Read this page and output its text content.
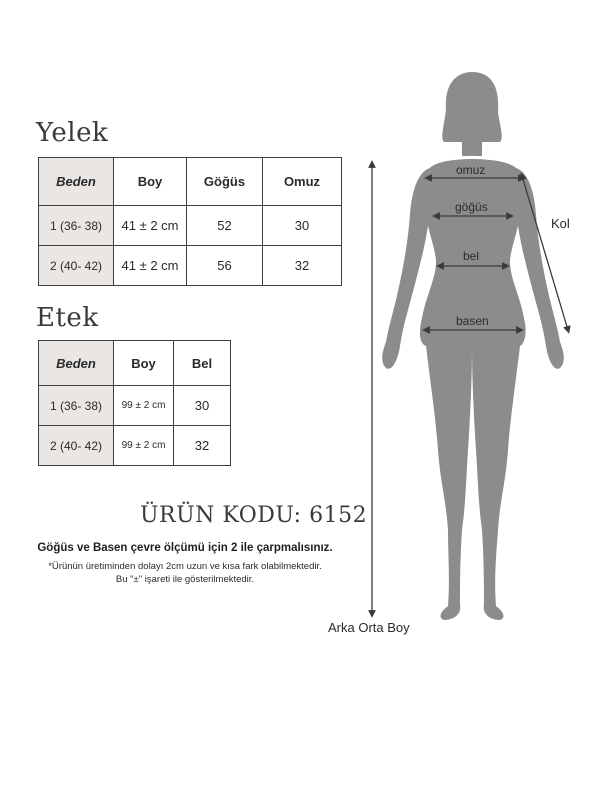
Yelek
Beden	Boy	Göğüs	Omuz
1 (36- 38)	41 ± 2 cm	52	30
2 (40- 42)	41 ± 2 cm	56	32
Etek
Beden	Boy	Bel
1 (36- 38)	99 ± 2 cm	30
2 (40- 42)	99 ± 2 cm	32
ÜRÜN KODU: 6152
Göğüs ve Basen çevre ölçümü için 2 ile çarpmalısınız.
*Ürünün üretiminden dolayı 2cm uzun ve kısa fark olabilmektedir.
Bu "±" işareti ile gösterilmektedir.
omuz
göğüs
bel
basen
Kol
Arka Orta Boy
